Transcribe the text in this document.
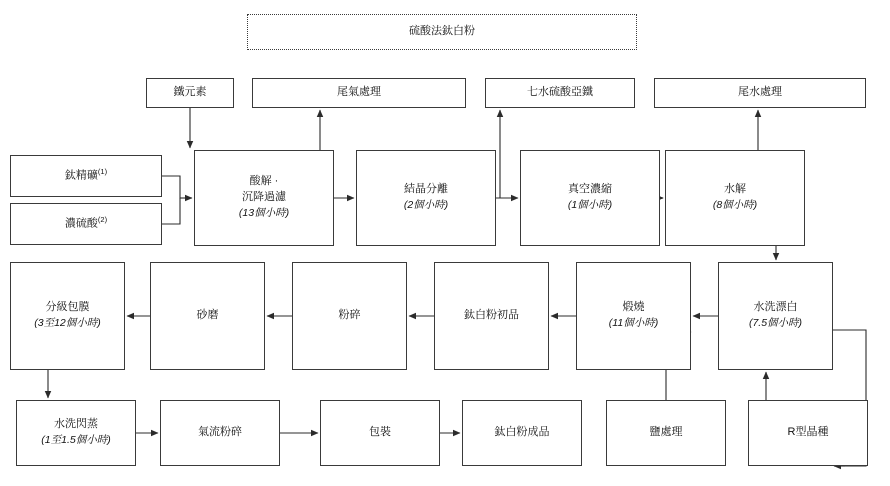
硫酸法鈦白粉
鐵元素	尾氣處理	七水硫酸亞鐵	尾水處理
鈦精礦$^{(1)}$
濃硫酸$^{(2)}$
酸解 ·
沉降過濾
(13個小時)
結晶分離
(2個小時)
真空濃縮
(1個小時)
水解
(8個小時)
分級包膜
(3至12個小時)
砂磨	粉碎	鈦白粉初品
煅燒
(11個小時)
水洗漂白
(7.5個小時)
水洗閃蒸
(1至1.5個小時)
氣流粉碎	包裝	鈦白粉成品	鹽處理	R型晶種
